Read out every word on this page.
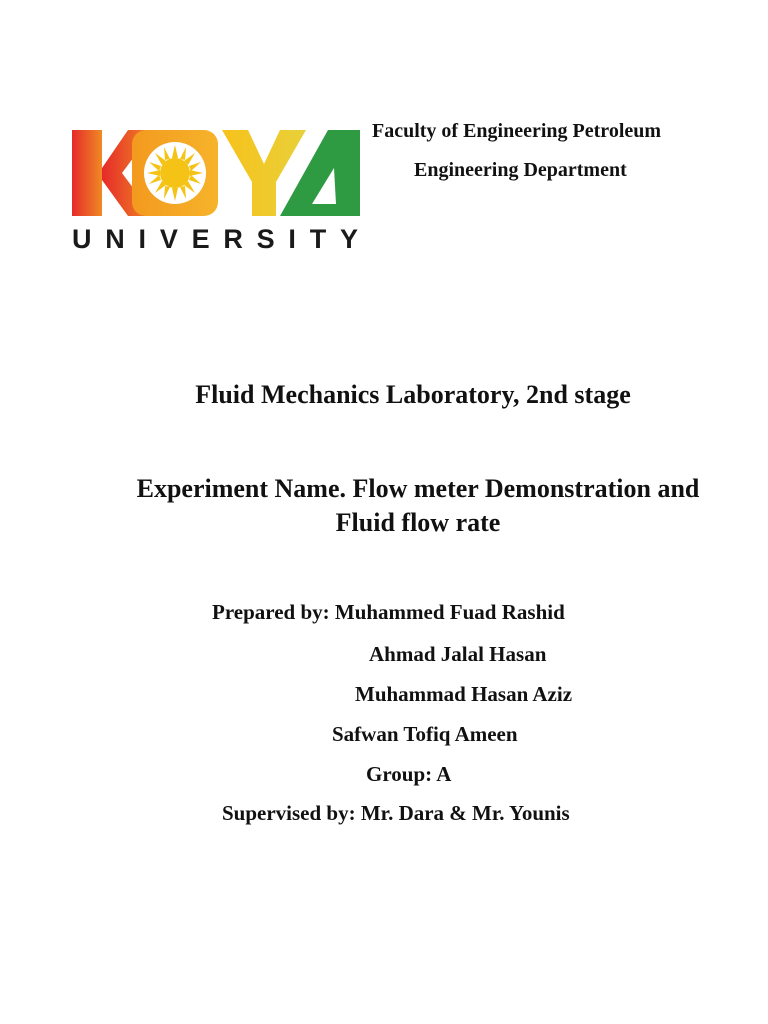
UNIVERSITY
Faculty of Engineering Petroleum
Engineering Department
Fluid Mechanics Laboratory, 2nd stage
Experiment Name. Flow meter Demonstration and
Fluid flow rate
Prepared by: Muhammed Fuad Rashid
Ahmad Jalal Hasan
Muhammad Hasan Aziz
Safwan Tofiq Ameen
Group: A
Supervised by: Mr. Dara & Mr. Younis
